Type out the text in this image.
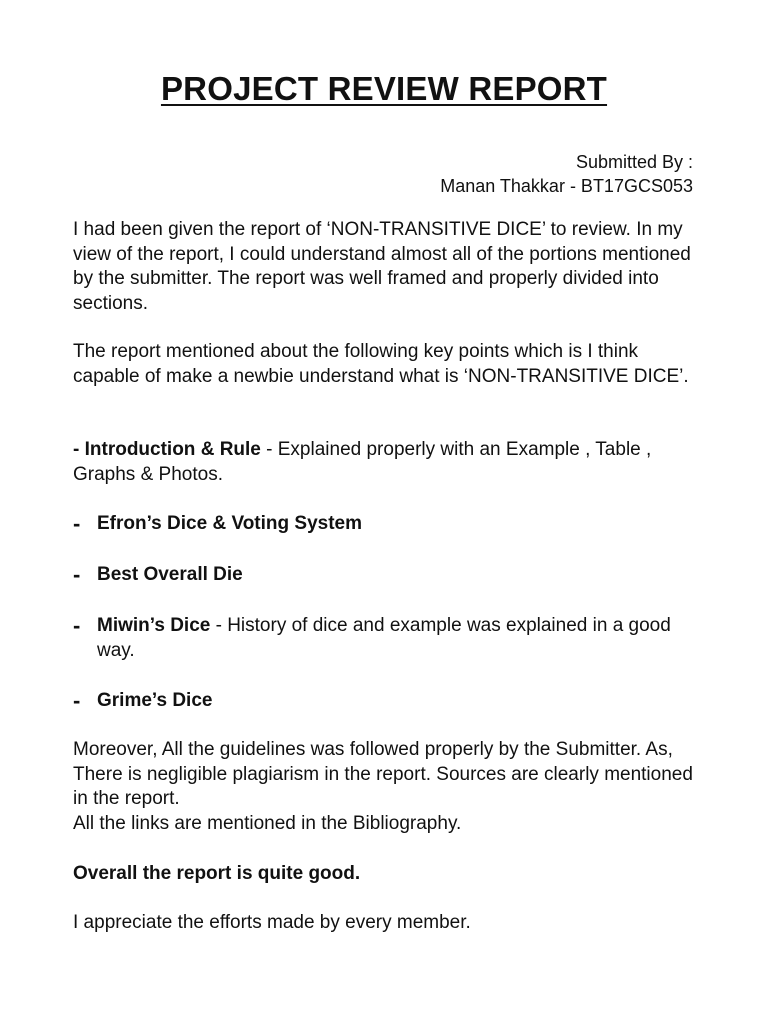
PROJECT REVIEW REPORT
Submitted By :
Manan Thakkar - BT17GCS053

I had been given the report of ‘NON-TRANSITIVE DICE’ to review. In my view of the report, I could understand almost all of the portions mentioned by the submitter. The report was well framed and properly divided into sections.

The report mentioned about the following key points which is I think capable of make a newbie understand what is ‘NON-TRANSITIVE DICE’.

- Introduction & Rule - Explained properly with an Example , Table , Graphs & Photos.

- Efron’s Dice & Voting System
- Best Overall Die
- Miwin’s Dice - History of dice and example was explained in a good way.
- Grime’s Dice
Moreover, All the guidelines was followed properly by the Submitter. As, There is negligible plagiarism in the report. Sources are clearly mentioned in the report.
All the links are mentioned in the Bibliography.

Overall the report is quite good.

I appreciate the efforts made by every member.
